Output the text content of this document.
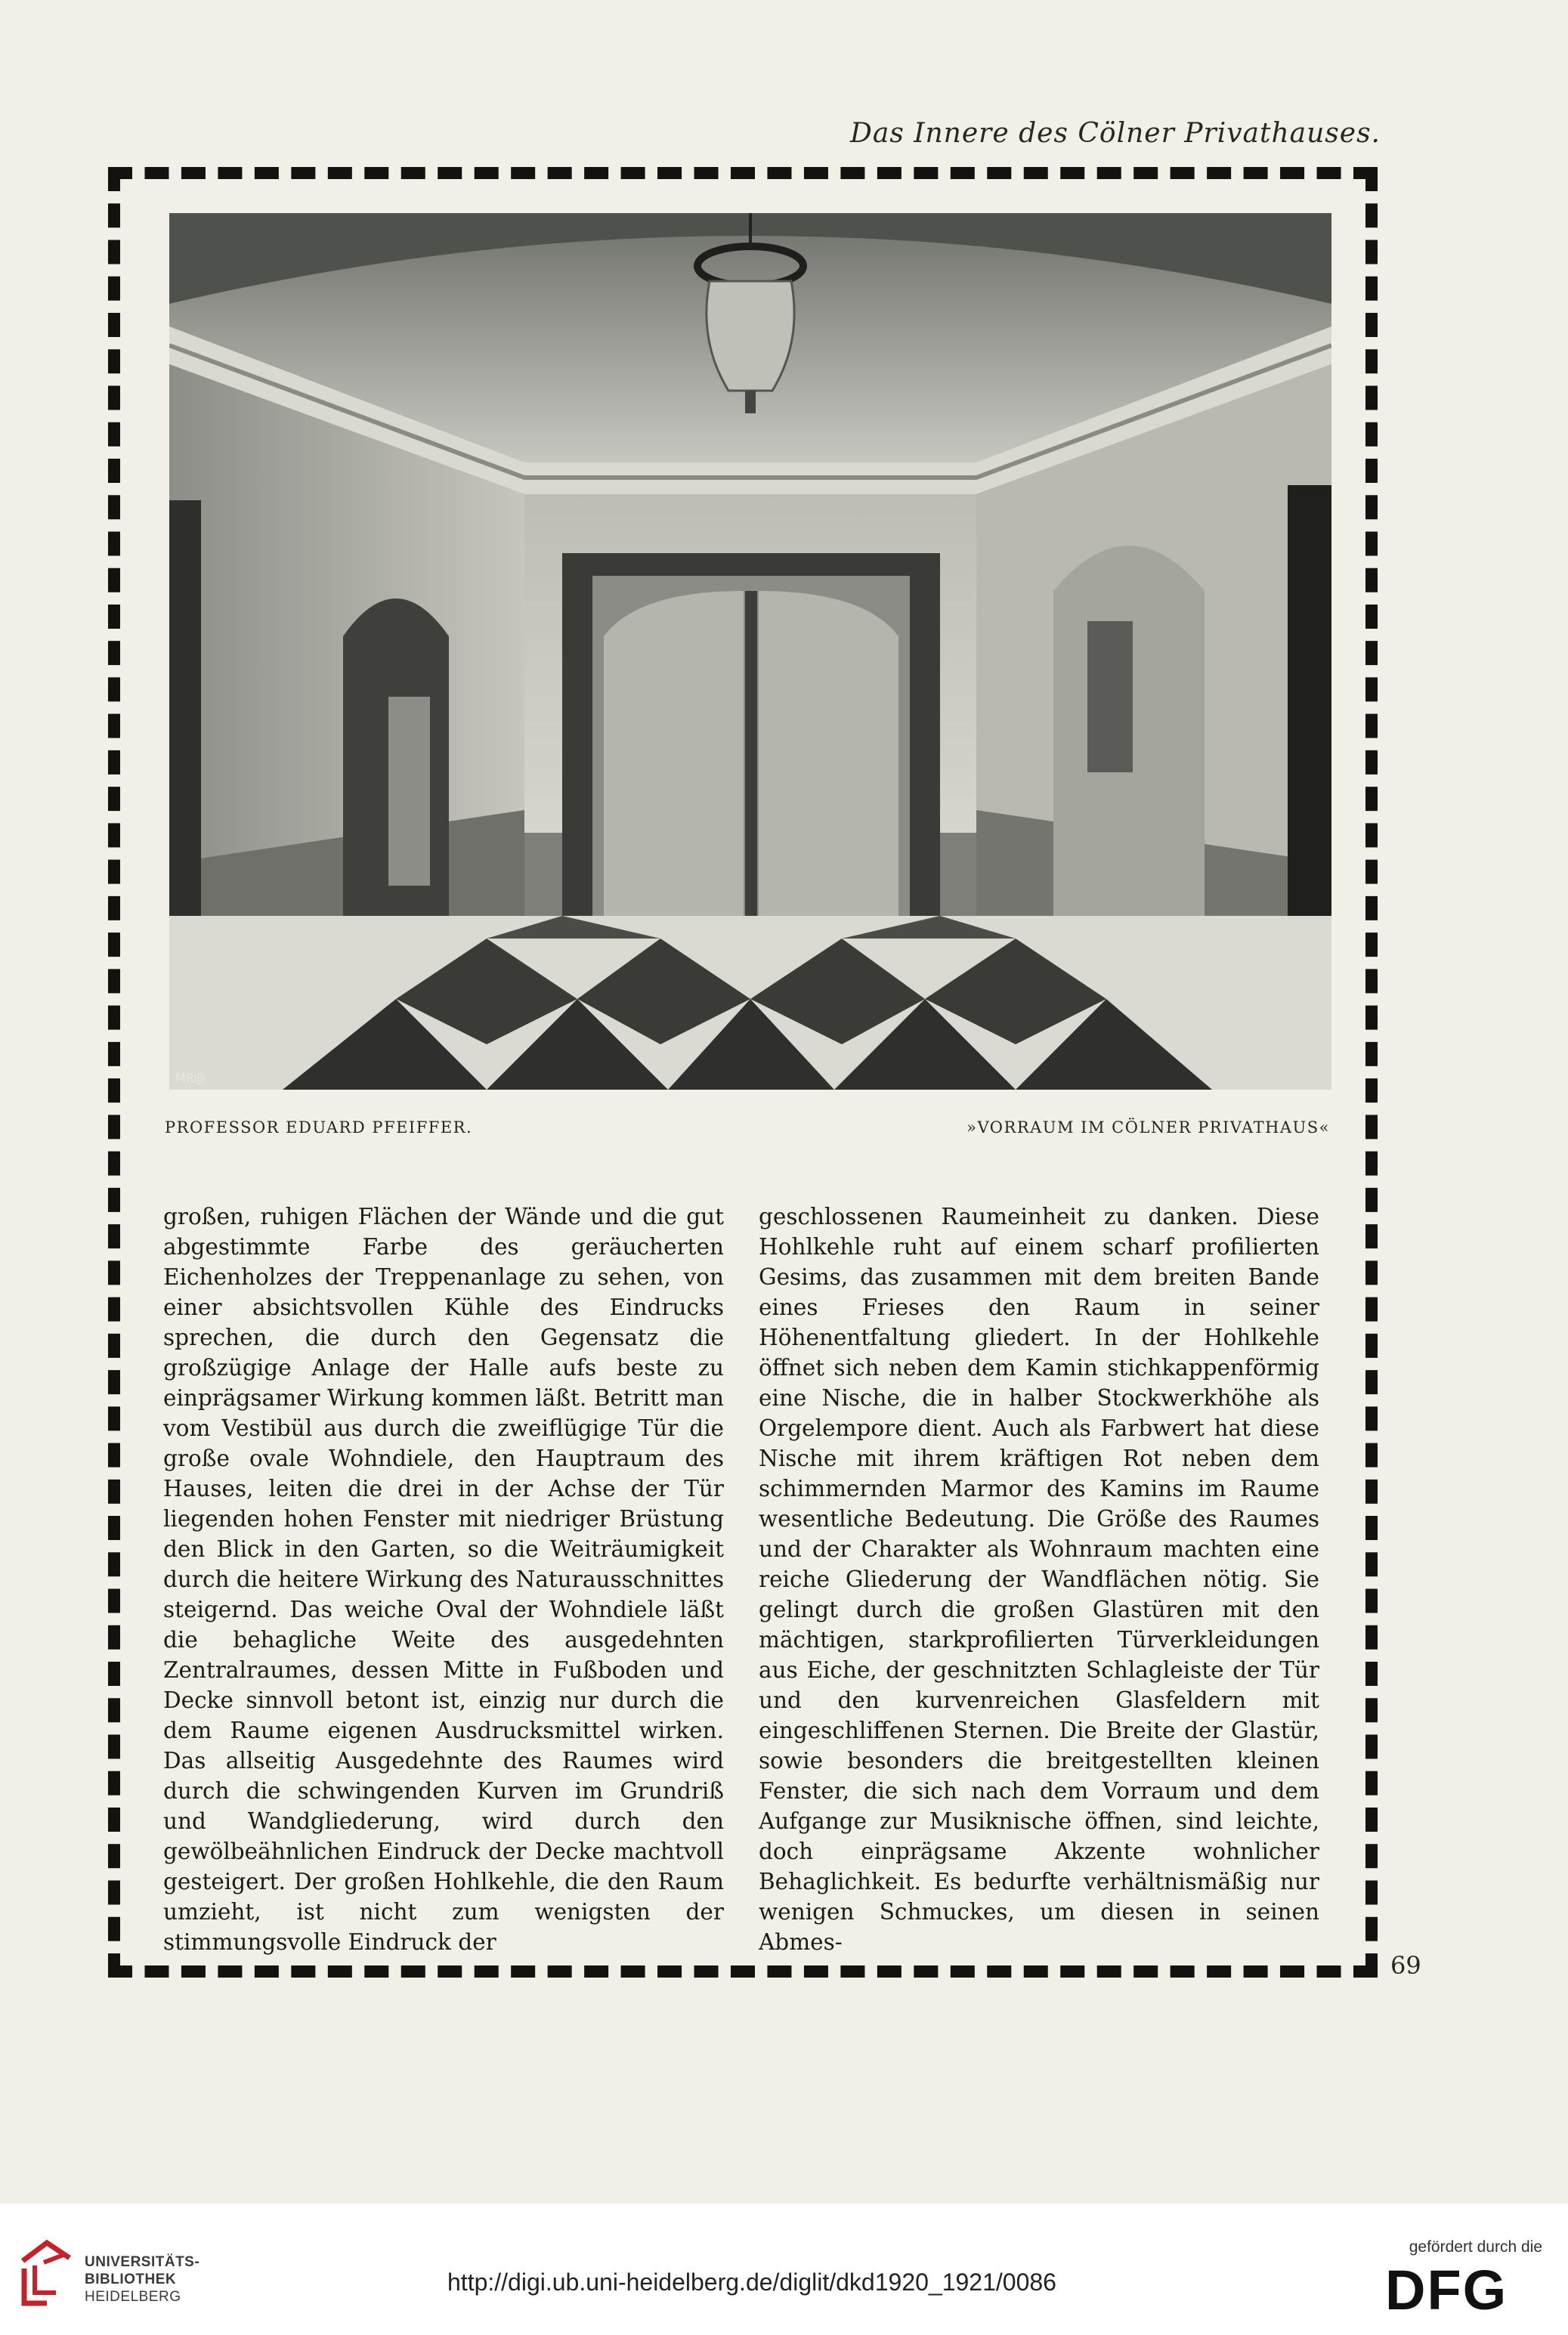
Das Innere des Cölner Privathauses.
MR@
PROFESSOR EDUARD PFEIFFER.	»VORRAUM IM CÖLNER PRIVATHAUS«

großen, ruhigen Flächen der Wände und die gut abgestimmte Farbe des geräucherten Eichenholzes der Treppenanlage zu sehen, von einer absichtsvollen Kühle des Eindrucks sprechen, die durch den Gegensatz die großzügige Anlage der Halle aufs beste zu einprägsamer Wirkung kommen läßt. Betritt man vom Vestibül aus durch die zweiflügige Tür die große ovale Wohndiele, den Hauptraum des Hauses, leiten die drei in der Achse der Tür liegenden hohen Fenster mit niedriger Brüstung den Blick in den Garten, so die Weiträumigkeit durch die heitere Wirkung des Naturausschnittes steigernd. Das weiche Oval der Wohndiele läßt die behagliche Weite des ausgedehnten Zentralraumes, dessen Mitte in Fußboden und Decke sinnvoll betont ist, einzig nur durch die dem Raume eigenen Ausdrucksmittel wirken. Das allseitig Ausgedehnte des Raumes wird durch die schwingenden Kurven im Grundriß und Wandgliederung, wird durch den gewölbeähnlichen Eindruck der Decke machtvoll gesteigert. Der großen Hohlkehle, die den Raum umzieht, ist nicht zum wenigsten der stimmungsvolle Eindruck der

geschlossenen Raumeinheit zu danken. Diese Hohlkehle ruht auf einem scharf profilierten Gesims, das zusammen mit dem breiten Bande eines Frieses den Raum in seiner Höhenentfaltung gliedert. In der Hohlkehle öffnet sich neben dem Kamin stichkappenförmig eine Nische, die in halber Stockwerkhöhe als Orgelempore dient. Auch als Farbwert hat diese Nische mit ihrem kräftigen Rot neben dem schimmernden Marmor des Kamins im Raume wesentliche Bedeutung. Die Größe des Raumes und der Charakter als Wohnraum machten eine reiche Gliederung der Wandflächen nötig. Sie gelingt durch die großen Glastüren mit den mächtigen, starkprofilierten Türverkleidungen aus Eiche, der geschnitzten Schlagleiste der Tür und den kurvenreichen Glasfeldern mit eingeschliffenen Sternen. Die Breite der Glastür, sowie besonders die breitgestellten kleinen Fenster, die sich nach dem Vorraum und dem Aufgange zur Musiknische öffnen, sind leichte, doch einprägsame Akzente wohnlicher Behaglichkeit. Es bedurfte verhältnismäßig nur wenigen Schmuckes, um diesen in seinen Abmes-

69
UNIVERSITÄTS-
BIBLIOTHEK
HEIDELBERG
http://digi.ub.uni-heidelberg.de/diglit/dkd1920_1921/0086
gefördert durch die
DFG
